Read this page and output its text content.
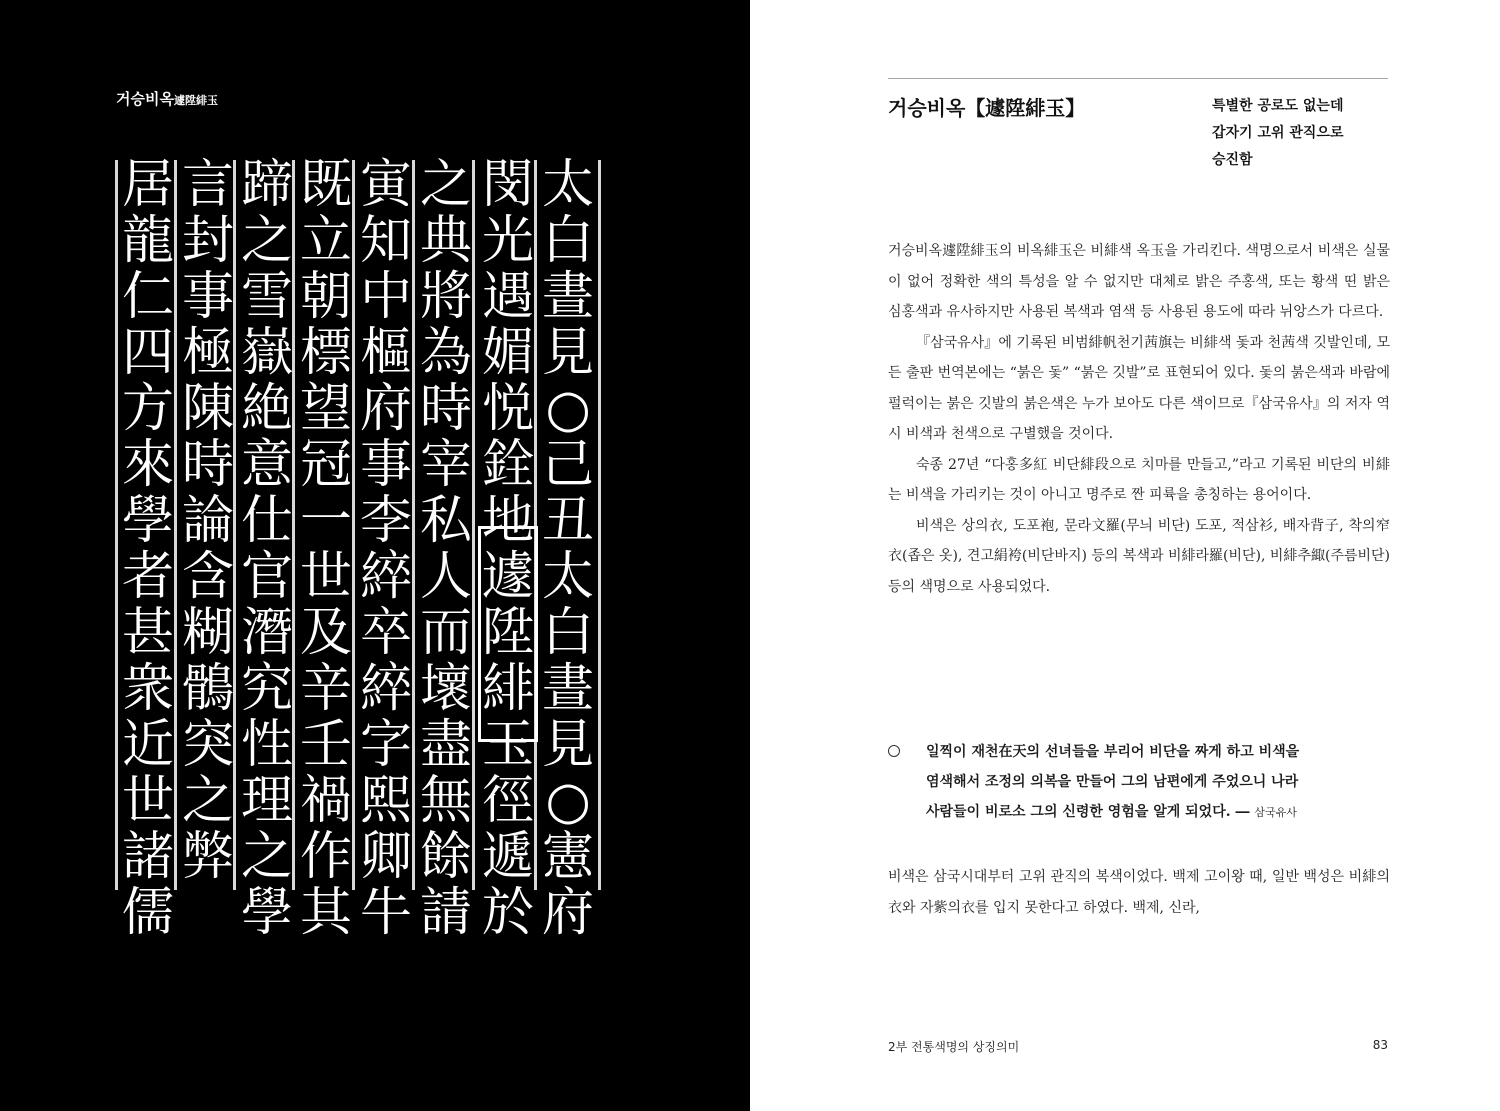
거승비옥遽陞緋玉
太白晝見○己丑太白晝見○憲府
閔光遇媚悦銓地遽陞緋玉徑遞於
之典將為時宰私人而壞盡無餘請
寅知中樞府事李綷卒綷字熙卿牛
既立朝標望冠一世及辛壬禍作其
蹄之雪嶽絶意仕官潛究性理之學
言封事極陳時論含糊鶻突之弊
居龍仁四方來學者甚衆近世諸儒
거승비옥【遽陞緋玉】	특별한 공로도 없는데
갑자기 고위 관직으로
승진함

거승비옥遽陞緋玉의 비옥緋玉은 비緋색 옥玉을 가리킨다. 색명으로서 비색은 실물이 없어 정확한 색의 특성을 알 수 없지만 대체로 밝은 주홍색, 또는 황색 띤 밝은 심홍색과 유사하지만 사용된 복색과 염색 등 사용된 용도에 따라 뉘앙스가 다르다.

『삼국유사』에 기록된 비범緋帆천기茜旗는 비緋색 돛과 천茜색 깃발인데, 모든 출판 번역본에는 “붉은 돛” “붉은 깃발”로 표현되어 있다. 돛의 붉은색과 바람에 펄럭이는 붉은 깃발의 붉은색은 누가 보아도 다른 색이므로『삼국유사』의 저자 역시 비색과 천색으로 구별했을 것이다.

숙종 27년 “다홍多紅 비단緋段으로 치마를 만들고,”라고 기록된 비단의 비緋는 비색을 가리키는 것이 아니고 명주로 짠 피륙을 총칭하는 용어이다.

비색은 상의衣, 도포袍, 문라文羅(무늬 비단) 도포, 적삼衫, 배자背子, 착의窄衣(좁은 옷), 견고絹袴(비단바지) 등의 복색과 비緋라羅(비단), 비緋추緅(주름비단) 등의 색명으로 사용되었다.

일찍이 재천在天의 선녀들을 부리어 비단을 짜게 하고 비색을
염색해서 조정의 의복을 만들어 그의 남편에게 주었으니 나라
사람들이 비로소 그의 신령한 영험을 알게 되었다. ― 삼국유사

비색은 삼국시대부터 고위 관직의 복색이었다. 백제 고이왕 때, 일반 백성은 비緋의衣와 자紫의衣를 입지 못한다고 하였다. 백제, 신라,

2부 전통색명의 상징의미	83
